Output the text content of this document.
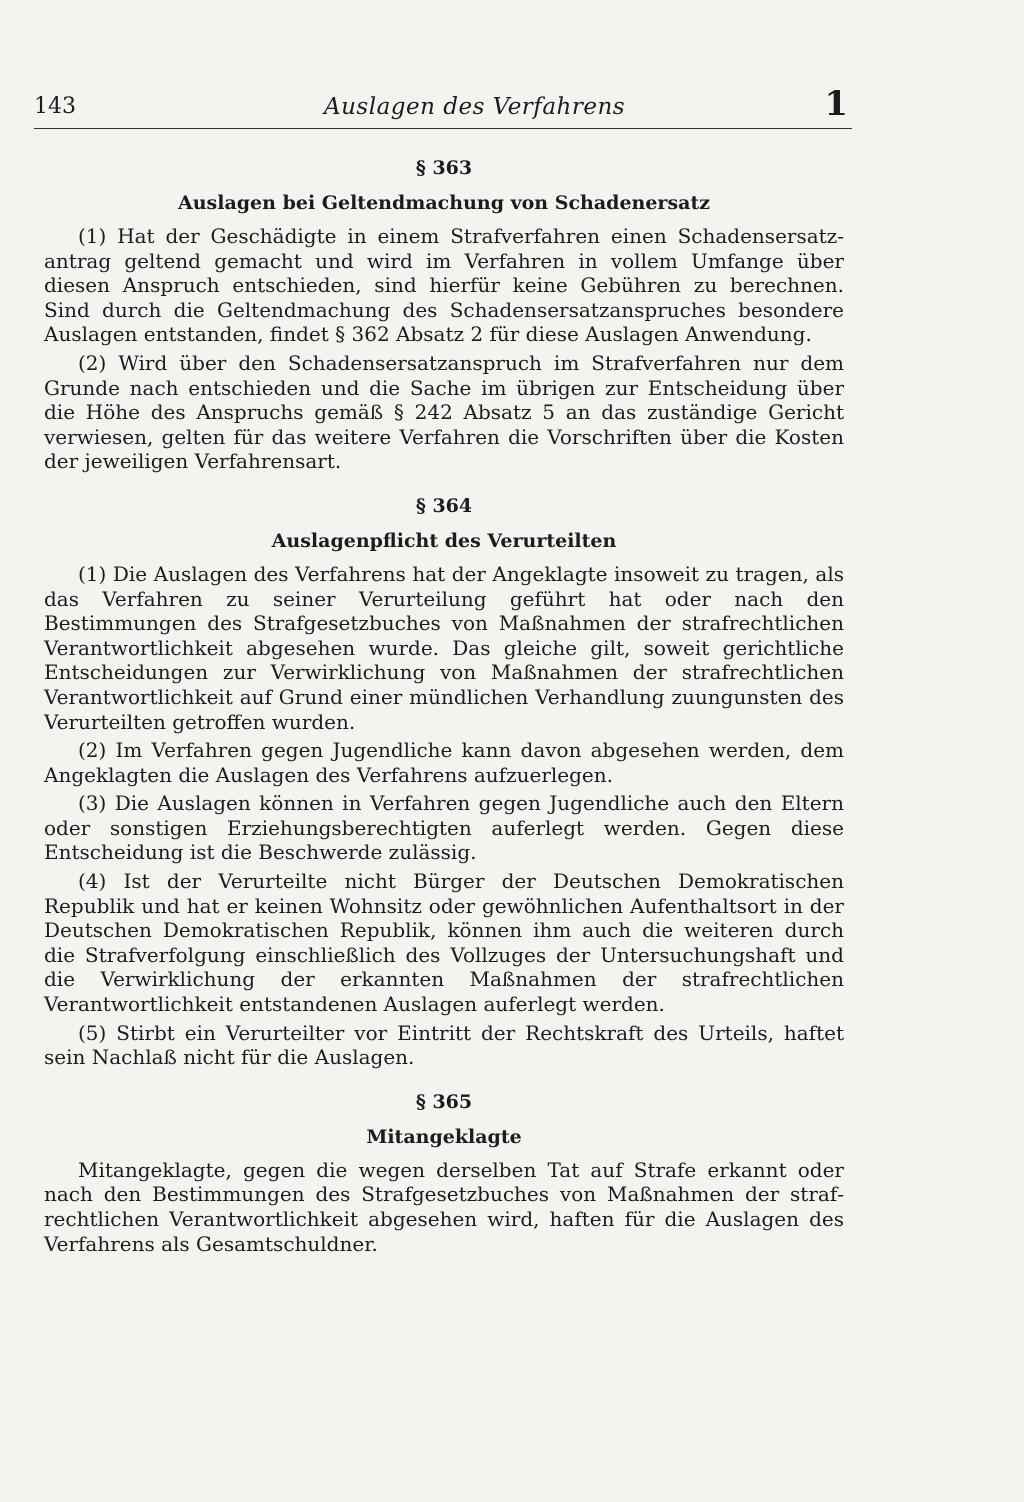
143	Auslagen des Verfahrens	1

§ 363

Auslagen bei Geltendmachung von Schadenersatz

(1) Hat der Geschädigte in einem Strafverfahren einen Schadensersatzantrag geltend gemacht und wird im Verfahren in vollem Umfange über diesen Anspruch entschieden, sind hierfür keine Gebühren zu berechnen. Sind durch die Geltendmachung des Schadensersatzanspruches besondere Auslagen entstanden, findet § 362 Absatz 2 für diese Auslagen Anwendung.

(2) Wird über den Schadensersatzanspruch im Strafverfahren nur dem Grunde nach entschieden und die Sache im übrigen zur Entscheidung über die Höhe des Anspruchs gemäß § 242 Absatz 5 an das zuständige Gericht verwiesen, gelten für das weitere Verfahren die Vorschriften über die Kosten der jeweiligen Verfahrensart.

§ 364

Auslagenpflicht des Verurteilten

(1) Die Auslagen des Verfahrens hat der Angeklagte insoweit zu tragen, als das Verfahren zu seiner Verurteilung geführt hat oder nach den Bestimmungen des Strafgesetzbuches von Maßnahmen der strafrechtlichen Verantwortlichkeit abgesehen wurde. Das gleiche gilt, soweit gerichtliche Entscheidungen zur Verwirklichung von Maßnahmen der strafrechtlichen Verantwortlichkeit auf Grund einer mündlichen Verhandlung zuungunsten des Verurteilten getroffen wurden.

(2) Im Verfahren gegen Jugendliche kann davon abgesehen werden, dem Angeklagten die Auslagen des Verfahrens aufzuerlegen.

(3) Die Auslagen können in Verfahren gegen Jugendliche auch den Eltern oder sonstigen Erziehungsberechtigten auferlegt werden. Gegen diese Entscheidung ist die Beschwerde zulässig.

(4) Ist der Verurteilte nicht Bürger der Deutschen Demokratischen Republik und hat er keinen Wohnsitz oder gewöhnlichen Aufenthaltsort in der Deutschen Demokratischen Republik, können ihm auch die weiteren durch die Strafverfolgung einschließlich des Vollzuges der Untersuchungshaft und die Verwirklichung der erkannten Maßnahmen der strafrechtlichen Verantwortlichkeit entstandenen Auslagen auferlegt werden.

(5) Stirbt ein Verurteilter vor Eintritt der Rechtskraft des Urteils, haftet sein Nachlaß nicht für die Auslagen.

§ 365

Mitangeklagte

Mitangeklagte, gegen die wegen derselben Tat auf Strafe erkannt oder nach den Bestimmungen des Strafgesetzbuches von Maßnahmen der strafrechtlichen Verantwortlichkeit abgesehen wird, haften für die Auslagen des Verfahrens als Gesamtschuldner.
